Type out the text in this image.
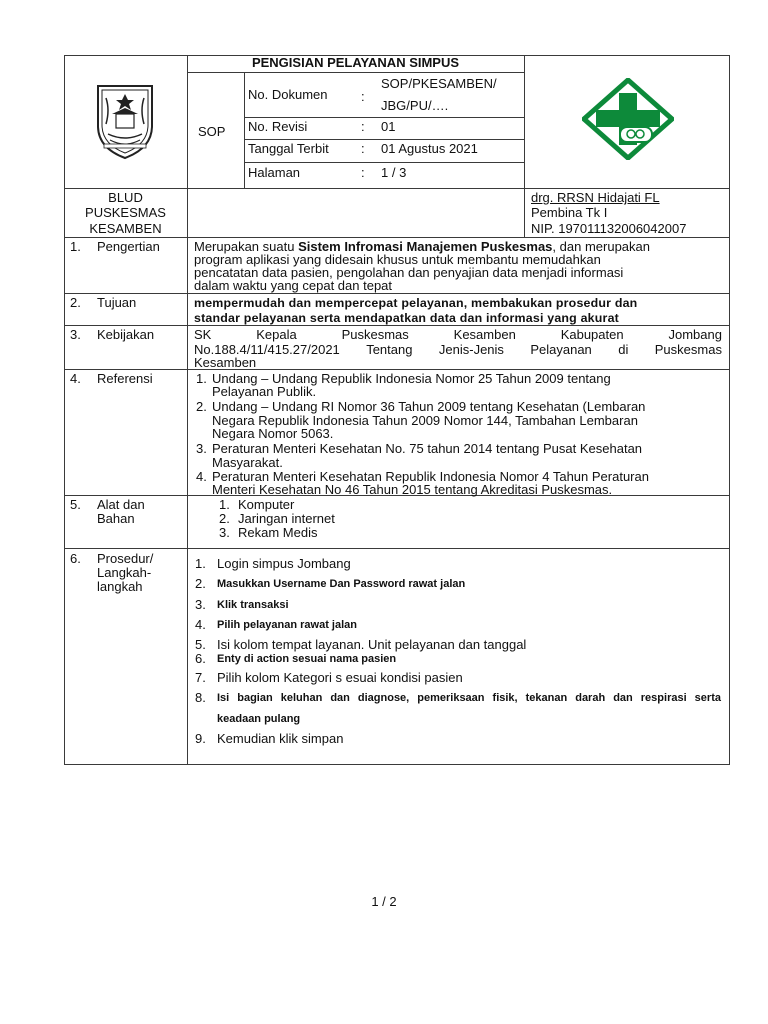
PENGISIAN PELAYANAN SIMPUS
SOP
No. Dokumen	:
SOP/PKESAMBEN/
JBG/PU/….
No. Revisi	: 01
Tanggal Terbit : 01 Agustus 2021
Halaman	: 1 / 3
BLUD
PUSKESMAS
KESAMBEN
drg. RRSN Hidajati FL
Pembina Tk I
NIP. 197011132006042007
1. Pengertian	Merupakan suatu Sistem Infromasi Manajemen Puskesmas, dan merupakan
program aplikasi yang didesain khusus untuk membantu memudahkan
pencatatan data pasien, pengolahan dan penyajian data menjadi informasi
dalam waktu yang cepat dan tepat
2. Tujuan	mempermudah dan mempercepat pelayanan, membakukan prosedur dan
standar pelayanan serta mendapatkan data dan informasi yang akurat
3. Kebijakan	SK	Kepala	Puskesmas	Kesamben	Kabupaten	Jombang
No.188.4/11/415.27/2021 Tentang Jenis-Jenis Pelayanan di Puskesmas
Kesamben
4. Referensi	1. Undang – Undang Republik Indonesia Nomor 25 Tahun 2009 tentang
Pelayanan Publik.
2. Undang – Undang RI Nomor 36 Tahun 2009 tentang Kesehatan (Lembaran
Negara Republik Indonesia Tahun 2009 Nomor 144, Tambahan Lembaran
Negara Nomor 5063.
3. Peraturan Menteri Kesehatan No. 75 tahun 2014 tentang Pusat Kesehatan
Masyarakat.
4. Peraturan Menteri Kesehatan Republik Indonesia Nomor 4 Tahun Peraturan
Menteri Kesehatan No 46 Tahun 2015 tentang Akreditasi Puskesmas.
5. Alat dan
Bahan
1. Komputer
2. Jaringan internet
3. Rekam Medis
6. Prosedur/
Langkah-
langkah
1. Login simpus Jombang
2. Masukkan Username Dan Password rawat jalan
3. Klik transaksi
4. Pilih pelayanan rawat jalan
5. Isi kolom tempat layanan. Unit pelayanan dan tanggal
6. Enty di action sesuai nama pasien
7. Pilih kolom Kategori s esuai kondisi pasien
8. Isi bagian keluhan dan diagnose, pemeriksaan fisik, tekanan darah dan respirasi serta
keadaan pulang
9. Kemudian klik simpan
1 / 2
